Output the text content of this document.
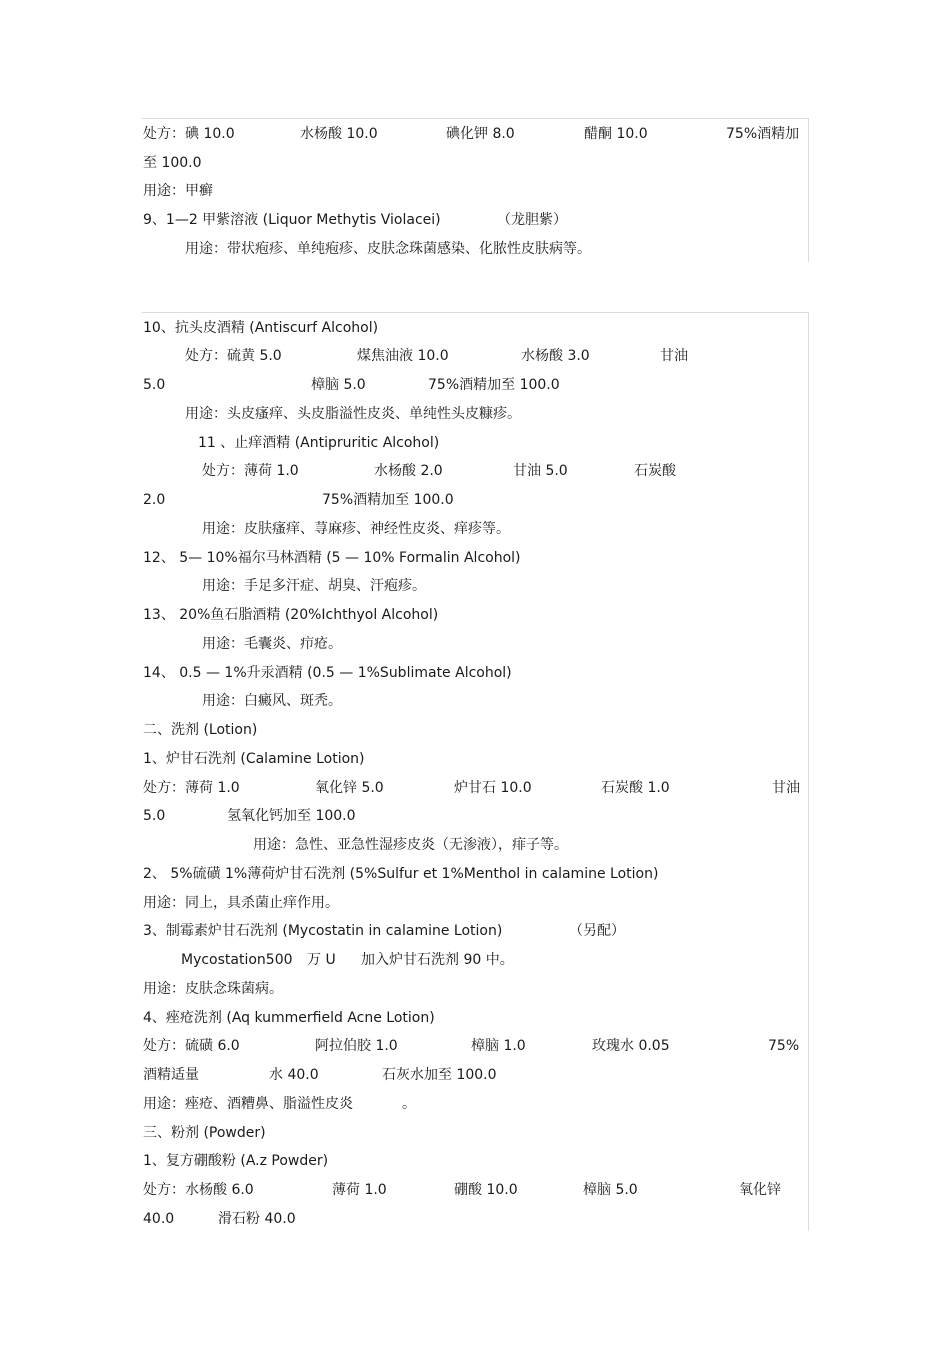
处方：碘 10.0	水杨酸 10.0	碘化钾 8.0	醋酮 10.0	75%酒精加
至 100.0
用途：甲癣
9、1—2 甲紫溶液 (Liquor Methytis Violacei)	（龙胆紫）
用途：带状疱疹、单纯疱疹、皮肤念珠菌感染、化脓性皮肤病等。
10、抗头皮酒精 (Antiscurf Alcohol)
处方：硫黄 5.0	煤焦油液 10.0	水杨酸 3.0	甘油
5.0	樟脑 5.0	75%酒精加至 100.0
用途：头皮瘙痒、头皮脂溢性皮炎、单纯性头皮糠疹。
11 、止痒酒精 (Antipruritic Alcohol)
处方：薄荷 1.0	水杨酸 2.0	甘油 5.0	石炭酸
2.0	75%酒精加至 100.0
用途：皮肤瘙痒、荨麻疹、神经性皮炎、痒疹等。
12、 5— 10%福尔马林酒精 (5 — 10% Formalin Alcohol)
用途：手足多汗症、胡臭、汗疱疹。
13、 20%鱼石脂酒精 (20%Ichthyol Alcohol)
用途：毛囊炎、疖疮。
14、 0.5 — 1%升汞酒精 (0.5 — 1%Sublimate Alcohol)
用途：白癜风、斑秃。
二、洗剂 (Lotion)
1、炉甘石洗剂 (Calamine Lotion)
处方：薄荷 1.0	氧化锌 5.0	炉甘石 10.0	石炭酸 1.0	甘油
5.0	氢氧化钙加至 100.0
用途：急性、亚急性湿疹皮炎（无渗液），痱子等。
2、 5%硫磺 1%薄荷炉甘石洗剂 (5%Sulfur et 1%Menthol in calamine Lotion)
用途：同上，具杀菌止痒作用。
3、制霉素炉甘石洗剂 (Mycostatin in calamine Lotion)	（另配）
Mycostation500 万 U 加入炉甘石洗剂 90 中。
用途：皮肤念珠菌病。
4、痤疮洗剂 (Aq kummerfield Acne Lotion)
处方：硫磺 6.0	阿拉伯胶 1.0	樟脑 1.0	玫瑰水 0.05	75%
酒精适量	水 40.0	石灰水加至 100.0
用途：痤疮、酒糟鼻、脂溢性皮炎	。
三、粉剂 (Powder)
1、复方硼酸粉 (A.z Powder)
处方：水杨酸 6.0	薄荷 1.0	硼酸 10.0	樟脑 5.0	氧化锌
40.0	滑石粉 40.0
